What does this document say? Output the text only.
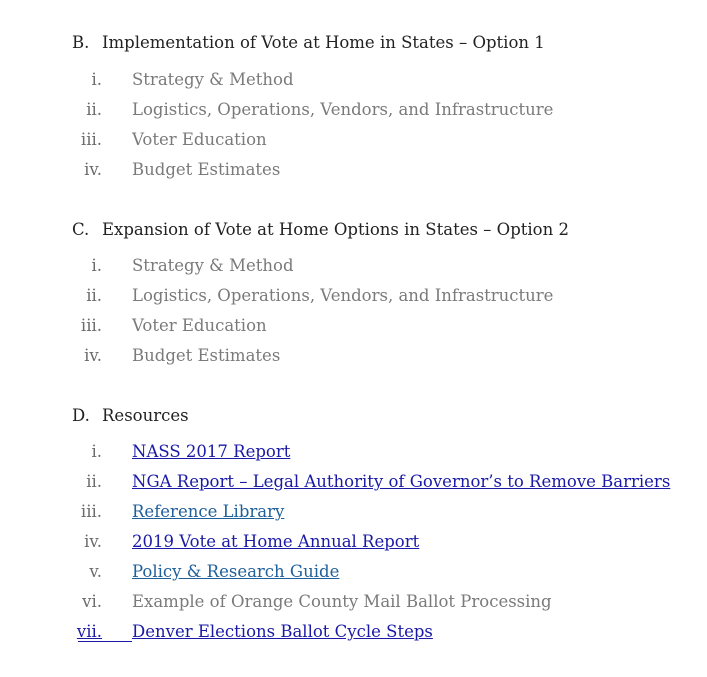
B. Implementation of Vote at Home in States – Option 1
i. Strategy & Method
ii. Logistics, Operations, Vendors, and Infrastructure
iii. Voter Education
iv. Budget Estimates
C. Expansion of Vote at Home Options in States – Option 2
i. Strategy & Method
ii. Logistics, Operations, Vendors, and Infrastructure
iii. Voter Education
iv. Budget Estimates
D. Resources
i. NASS 2017 Report
ii. NGA Report – Legal Authority of Governor’s to Remove Barriers
iii. Reference Library
iv. 2019 Vote at Home Annual Report
v. Policy & Research Guide
vi. Example of Orange County Mail Ballot Processing
vii. Denver Elections Ballot Cycle Steps
